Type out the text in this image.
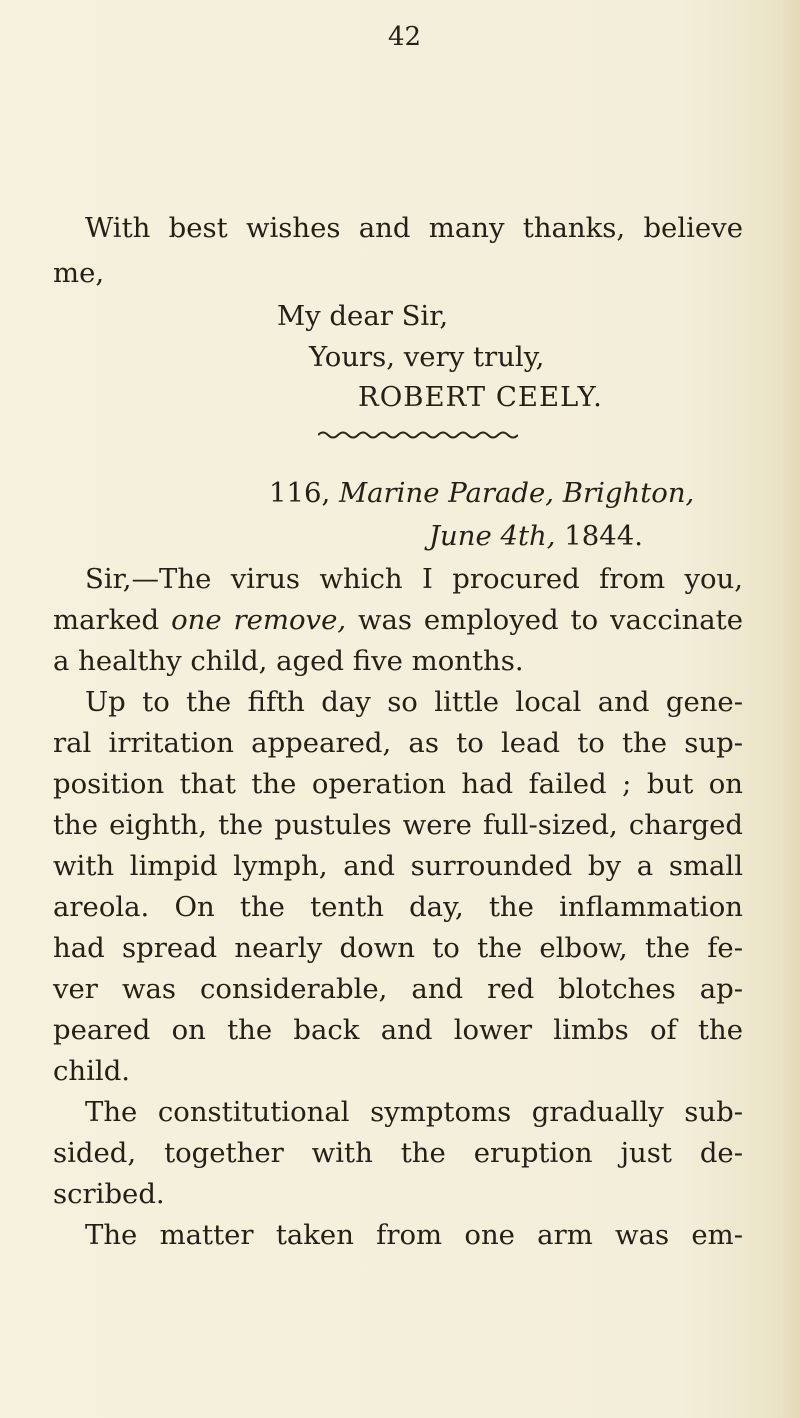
42
With best wishes and many thanks, believe
me,
My dear Sir,
Yours, very truly,
ROBERT CEELY.
116, Marine Parade, Brighton,
June 4th, 1844.
Sir,—The virus which I procured from you,
marked one remove, was employed to vaccinate
a healthy child, aged five months.
Up to the fifth day so little local and gene-
ral irritation appeared, as to lead to the sup-
position that the operation had failed ; but on
the eighth, the pustules were full-sized, charged
with limpid lymph, and surrounded by a small
areola. On the tenth day, the inflammation
had spread nearly down to the elbow, the fe-
ver was considerable, and red blotches ap-
peared on the back and lower limbs of the
child.
The constitutional symptoms gradually sub-
sided, together with the eruption just de-
scribed.
The matter taken from one arm was em-
